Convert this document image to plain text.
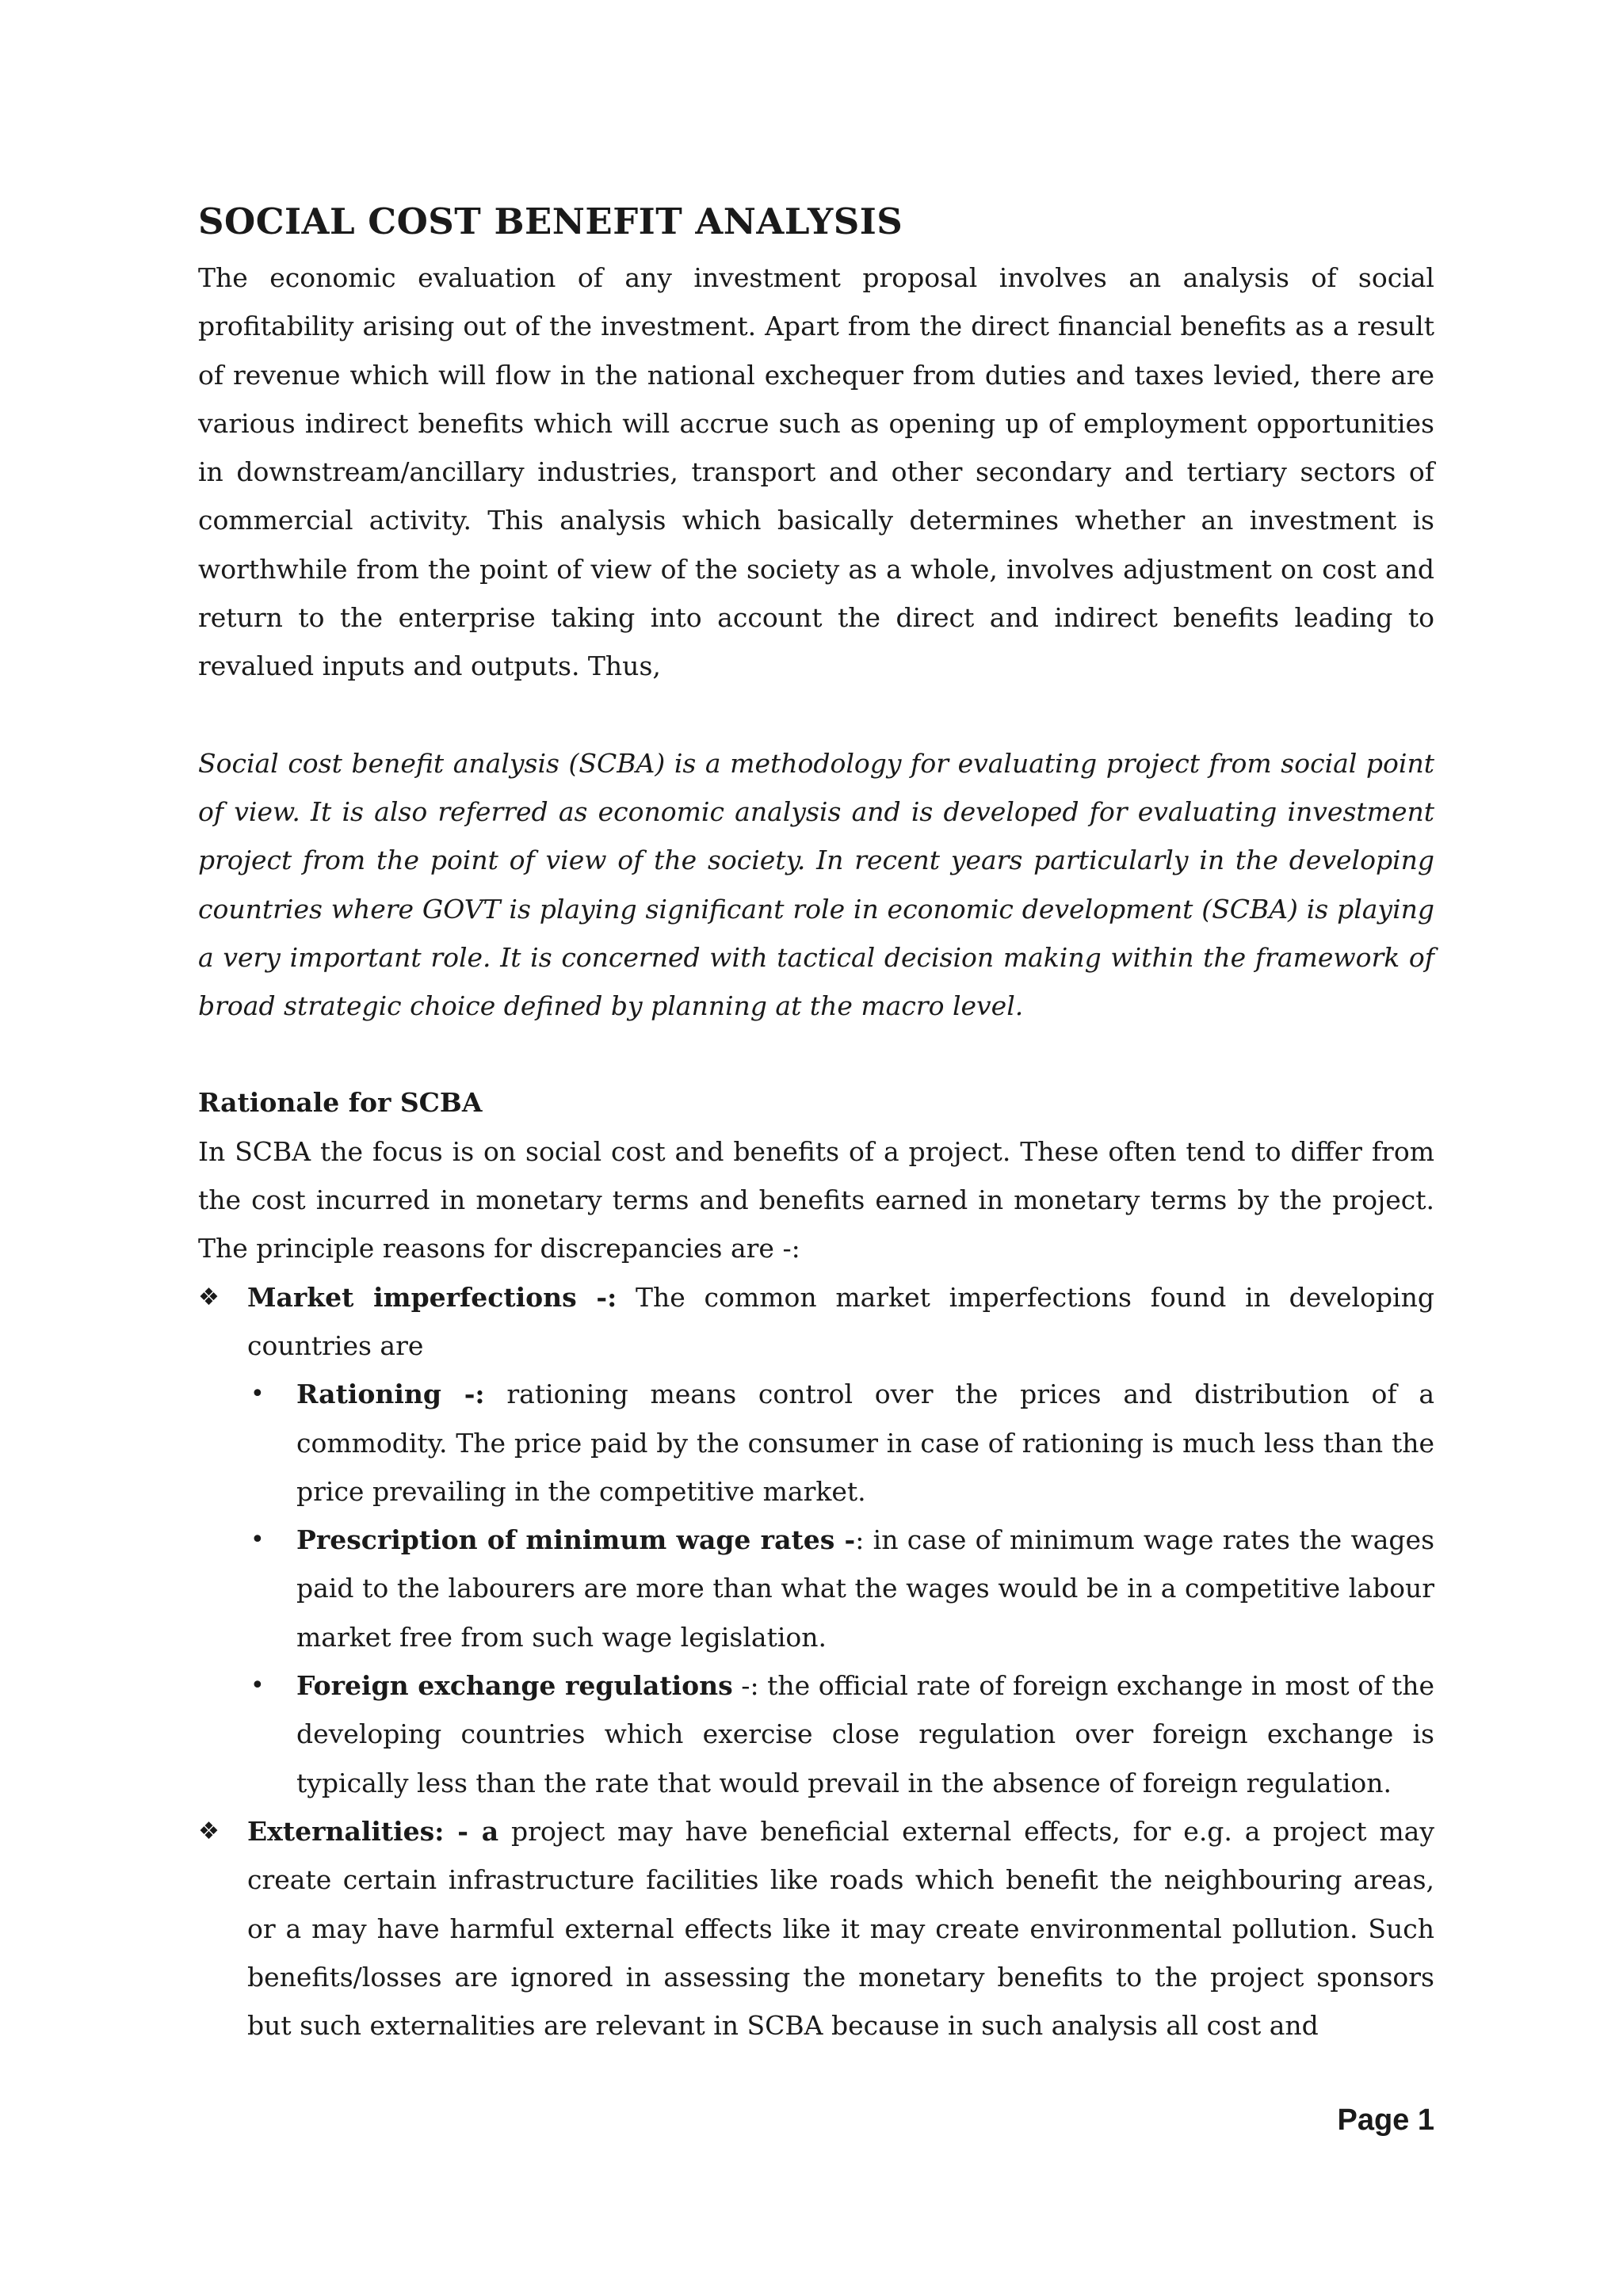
SOCIAL COST BENEFIT ANALYSIS

The economic evaluation of any investment proposal involves an analysis of social profitability arising out of the investment. Apart from the direct financial benefits as a result of revenue which will flow in the national exchequer from duties and taxes levied, there are various indirect benefits which will accrue such as opening up of employment opportunities in downstream/ancillary industries, transport and other secondary and tertiary sectors of commercial activity. This analysis which basically determines whether an investment is worthwhile from the point of view of the society as a whole, involves adjustment on cost and return to the enterprise taking into account the direct and indirect benefits leading to revalued inputs and outputs. Thus,

Social cost benefit analysis (SCBA) is a methodology for evaluating project from social point of view. It is also referred as economic analysis and is developed for evaluating investment project from the point of view of the society. In recent years particularly in the developing countries where GOVT is playing significant role in economic development (SCBA) is playing a very important role. It is concerned with tactical decision making within the framework of broad strategic choice defined by planning at the macro level.

Rationale for SCBA

In SCBA the focus is on social cost and benefits of a project. These often tend to differ from the cost incurred in monetary terms and benefits earned in monetary terms by the project. The principle reasons for discrepancies are -:

❖ Market imperfections -: The common market imperfections found in developing countries are

• Rationing -: rationing means control over the prices and distribution of a commodity. The price paid by the consumer in case of rationing is much less than the price prevailing in the competitive market.

• Prescription of minimum wage rates -: in case of minimum wage rates the wages paid to the labourers are more than what the wages would be in a competitive labour market free from such wage legislation.

• Foreign exchange regulations -: the official rate of foreign exchange in most of the developing countries which exercise close regulation over foreign exchange is typically less than the rate that would prevail in the absence of foreign regulation.

❖ Externalities: - a project may have beneficial external effects, for e.g. a project may create certain infrastructure facilities like roads which benefit the neighbouring areas, or a may have harmful external effects like it may create environmental pollution. Such benefits/losses are ignored in assessing the monetary benefits to the project sponsors but such externalities are relevant in SCBA because in such analysis all cost and

Page 1
